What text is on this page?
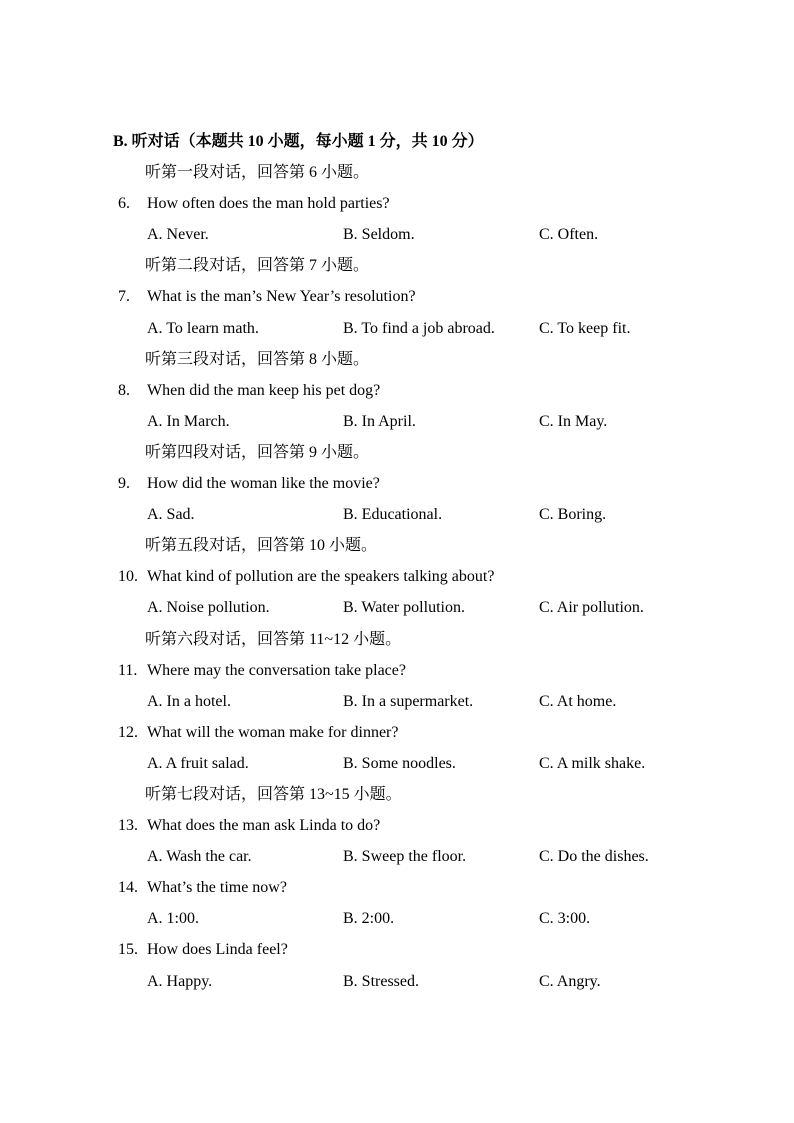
B. 听对话（本题共 10 小题，每小题 1 分，共 10 分）
听第一段对话，回答第 6 小题。
6. How often does the man hold parties?
A. Never.	B. Seldom.	C. Often.
听第二段对话，回答第 7 小题。
7. What is the man’s New Year’s resolution?
A. To learn math.	B. To find a job abroad.	C. To keep fit.
听第三段对话，回答第 8 小题。
8. When did the man keep his pet dog?
A. In March.	B. In April.	C. In May.
听第四段对话，回答第 9 小题。
9. How did the woman like the movie?
A. Sad.	B. Educational.	C. Boring.
听第五段对话，回答第 10 小题。
10. What kind of pollution are the speakers talking about?
A. Noise pollution.	B. Water pollution.	C. Air pollution.
听第六段对话，回答第 11~12 小题。
11. Where may the conversation take place?
A. In a hotel.	B. In a supermarket.	C. At home.
12. What will the woman make for dinner?
A. A fruit salad.	B. Some noodles.	C. A milk shake.
听第七段对话，回答第 13~15 小题。
13. What does the man ask Linda to do?
A. Wash the car.	B. Sweep the floor.	C. Do the dishes.
14. What’s the time now?
A. 1:00.	B. 2:00.	C. 3:00.
15. How does Linda feel?
A. Happy.	B. Stressed.	C. Angry.
